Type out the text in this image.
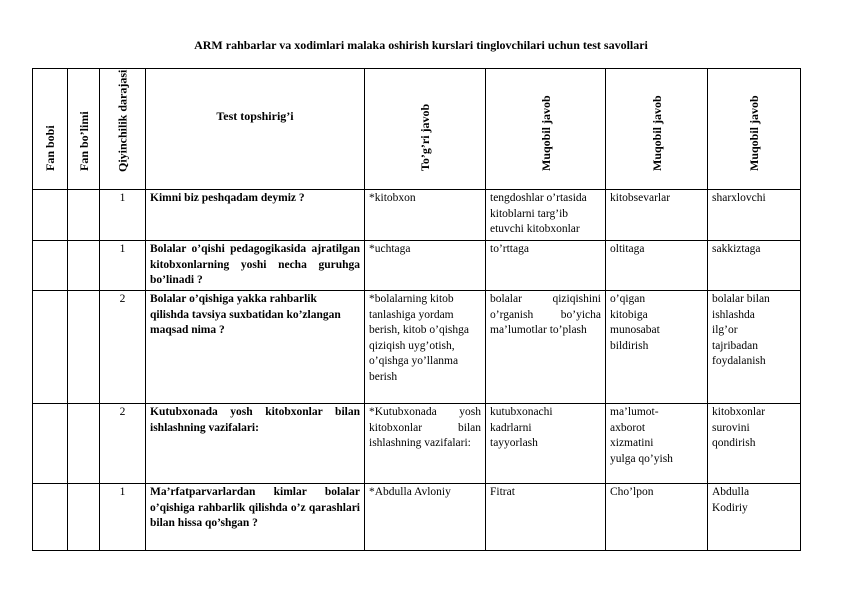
ARM rahbarlar va xodimlari malaka oshirish kurslari tinglovchilari uchun test savollari
Fan bobi	Fan bo’limi	Qiyinchilik darajasi	Test topshirig’i	To’g’ri javob	Muqobil javob	Muqobil javob	Muqobil javob

		1	Kimni biz peshqadam deymiz ?	*kitobxon	tengdoshlar o’rtasida kitoblarni targ’ib etuvchi kitobxonlar	kitobsevarlar	sharxlovchi
		1	Bolalar o’qishi pedagogikasida ajratilgan kitobxonlarning yoshi necha guruhga bo’linadi ?	*uchtaga	to’rttaga	oltitaga	sakkiztaga
		2	Bolalar o’qishiga yakka rahbarlik qilishda tavsiya suxbatidan ko’zlangan maqsad nima ?	*bolalarning kitob tanlashiga yordam berish, kitob o’qishga qiziqish uyg’otish, o’qishga yo’llanma berish	bolalar qiziqishini o’rganish bo’yicha ma’lumotlar to’plash	o’qigan kitobiga munosabat bildirish	bolalar bilan ishlashda ilg’or tajribadan foydalanish
		2	Kutubxonada yosh kitobxonlar bilan ishlashning vazifalari:	*Kutubxonada yosh kitobxonlar bilan ishlashning vazifalari:	kutubxonachi kadrlarni tayyorlash	ma’lumot-axborot xizmatini yulga qo’yish	kitobxonlar surovini qondirish
		1	Ma’rfatparvarlardan kimlar bolalar o’qishiga rahbarlik qilishda o’z qarashlari bilan hissa qo’shgan ?	*Abdulla Avloniy	Fitrat	Cho’lpon	Abdulla Kodiriy
